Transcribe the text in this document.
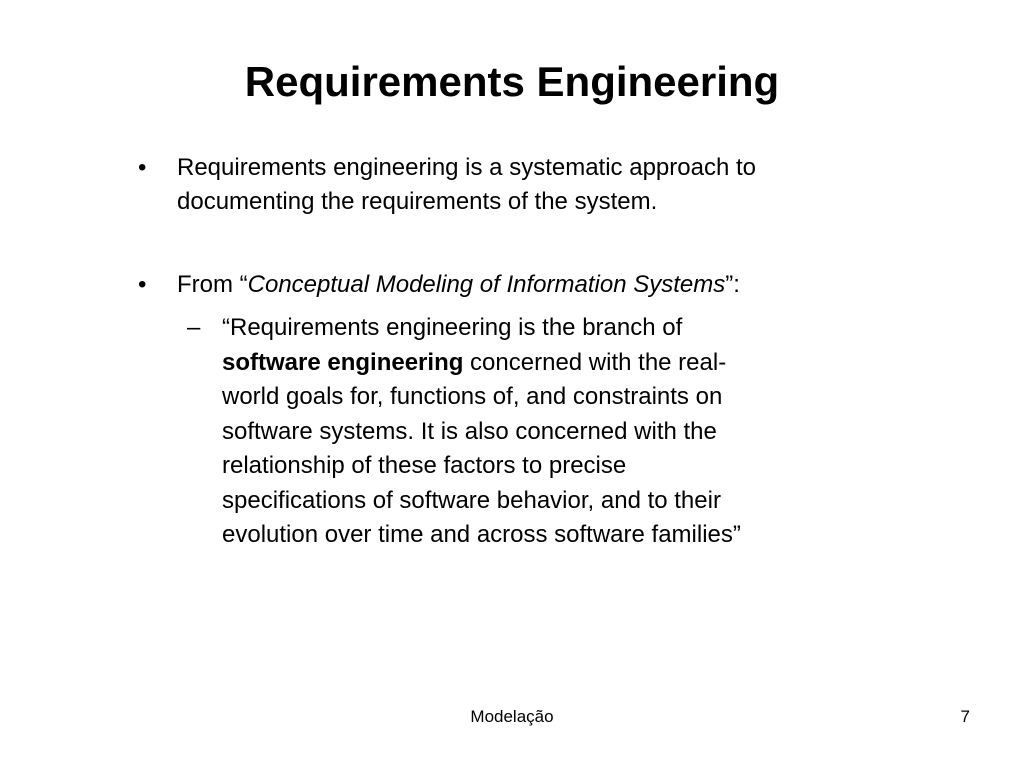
Requirements Engineering
• Requirements engineering is a systematic approach to
documenting the requirements of the system.
• From “Conceptual Modeling of Information Systems”:
– “Requirements engineering is the branch of
software engineering concerned with the real-
world goals for, functions of, and constraints on
software systems. It is also concerned with the
relationship of these factors to precise
specifications of software behavior, and to their
evolution over time and across software families”
Modelação	7
